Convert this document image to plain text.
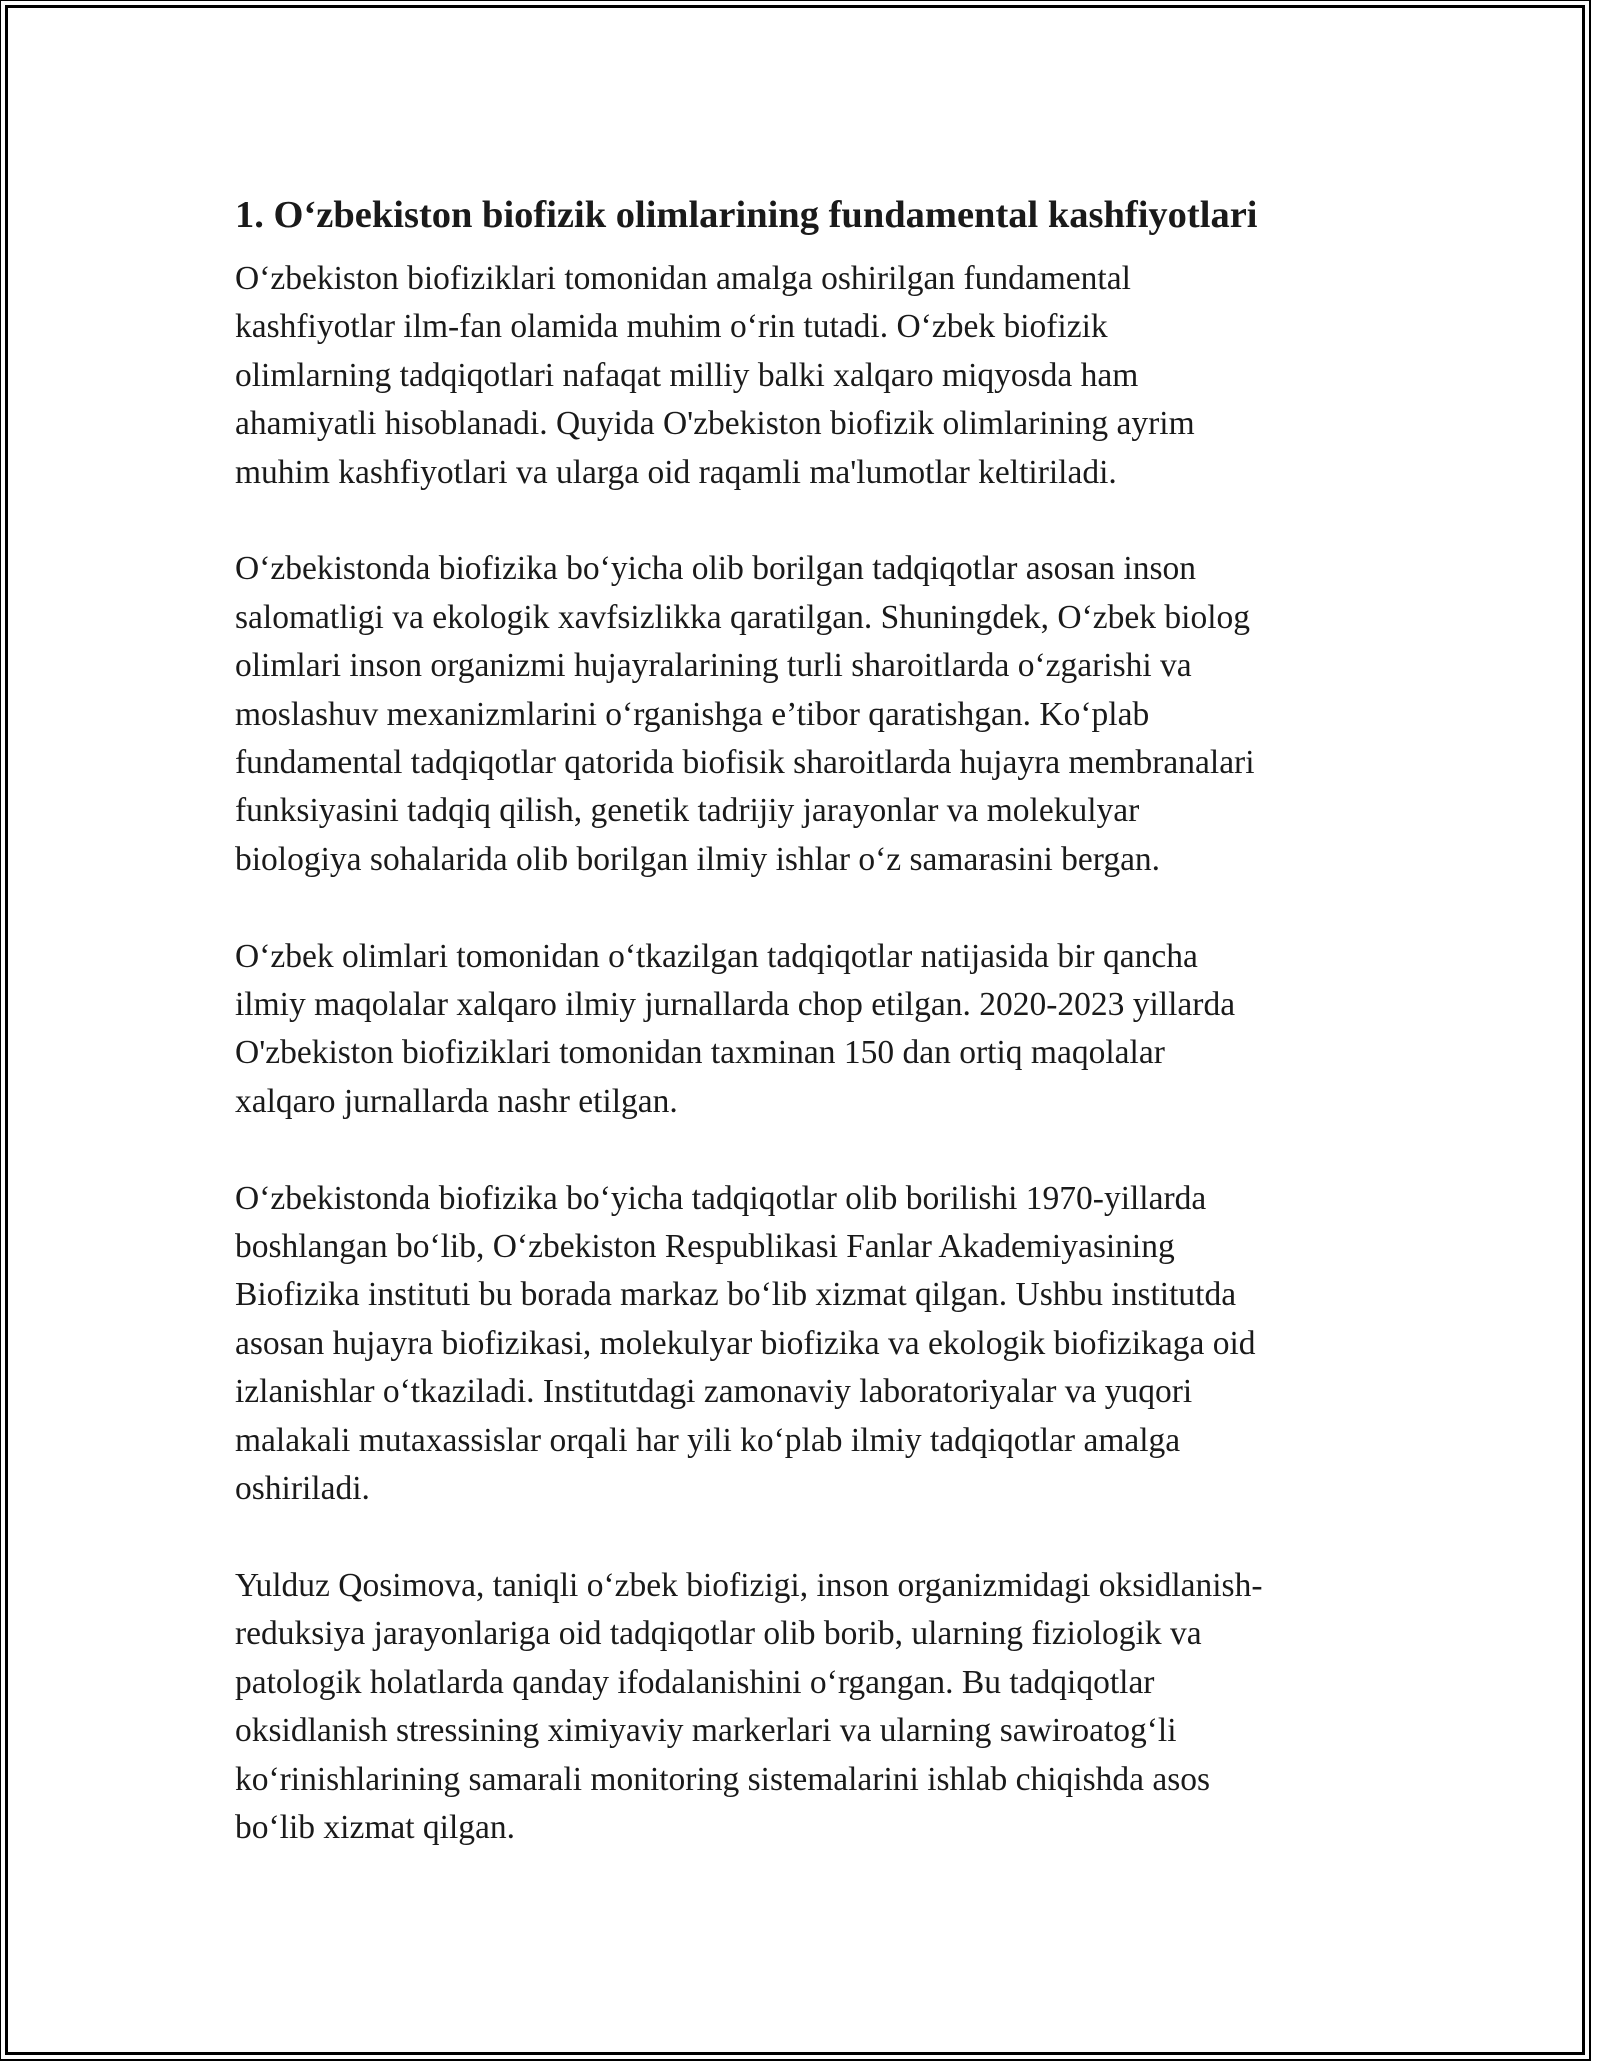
1. O‘zbekiston biofizik olimlarining fundamental kashfiyotlari

O‘zbekiston biofiziklari tomonidan amalga oshirilgan fundamental
kashfiyotlar ilm-fan olamida muhim o‘rin tutadi. O‘zbek biofizik
olimlarning tadqiqotlari nafaqat milliy balki xalqaro miqyosda ham
ahamiyatli hisoblanadi. Quyida O'zbekiston biofizik olimlarining ayrim
muhim kashfiyotlari va ularga oid raqamli ma'lumotlar keltiriladi.

O‘zbekistonda biofizika bo‘yicha olib borilgan tadqiqotlar asosan inson
salomatligi va ekologik xavfsizlikka qaratilgan. Shuningdek, O‘zbek biolog
olimlari inson organizmi hujayralarining turli sharoitlarda o‘zgarishi va
moslashuv mexanizmlarini o‘rganishga e’tibor qaratishgan. Ko‘plab
fundamental tadqiqotlar qatorida biofisik sharoitlarda hujayra membranalari
funksiyasini tadqiq qilish, genetik tadrijiy jarayonlar va molekulyar
biologiya sohalarida olib borilgan ilmiy ishlar o‘z samarasini bergan.

O‘zbek olimlari tomonidan o‘tkazilgan tadqiqotlar natijasida bir qancha
ilmiy maqolalar xalqaro ilmiy jurnallarda chop etilgan. 2020-2023 yillarda
O'zbekiston biofiziklari tomonidan taxminan 150 dan ortiq maqolalar
xalqaro jurnallarda nashr etilgan.

O‘zbekistonda biofizika bo‘yicha tadqiqotlar olib borilishi 1970-yillarda
boshlangan bo‘lib, O‘zbekiston Respublikasi Fanlar Akademiyasining
Biofizika instituti bu borada markaz bo‘lib xizmat qilgan. Ushbu institutda
asosan hujayra biofizikasi, molekulyar biofizika va ekologik biofizikaga oid
izlanishlar o‘tkaziladi. Institutdagi zamonaviy laboratoriyalar va yuqori
malakali mutaxassislar orqali har yili ko‘plab ilmiy tadqiqotlar amalga
oshiriladi.

Yulduz Qosimova, taniqli o‘zbek biofizigi, inson organizmidagi oksidlanish-
reduksiya jarayonlariga oid tadqiqotlar olib borib, ularning fiziologik va
patologik holatlarda qanday ifodalanishini o‘rgangan. Bu tadqiqotlar
oksidlanish stressining ximiyaviy markerlari va ularning sawiroatog‘li
ko‘rinishlarining samarali monitoring sistemalarini ishlab chiqishda asos
bo‘lib xizmat qilgan.
